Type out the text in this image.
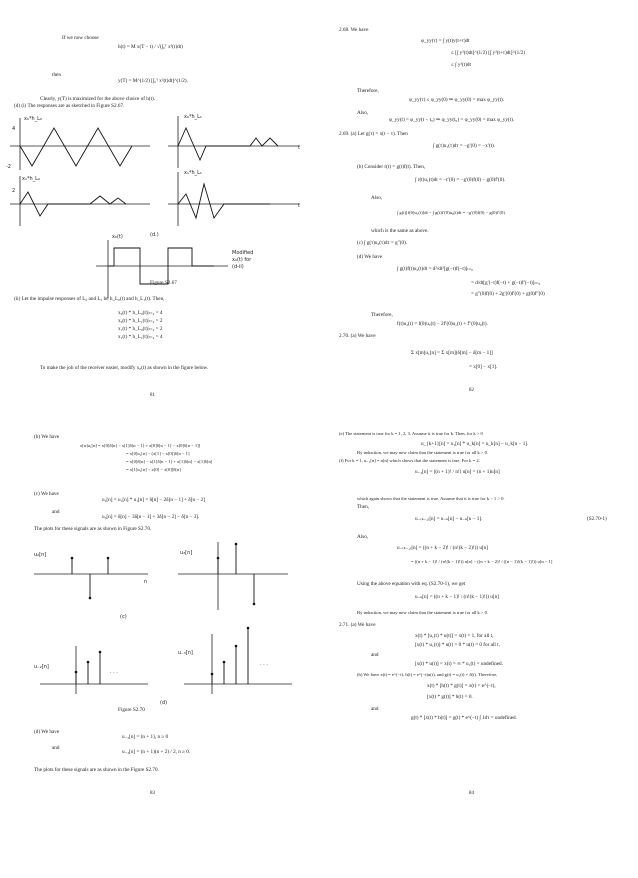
If we now choose
h(t) = M x(T − t) / √(∫₀ᵀ x²(t)dt)
then
y(T) = M^(1/2) [∫₀ᵀ x²(t)dt]^(1/2).
Clearly, y(T) is maximized for the above choice of h(t).
(d) (i) The responses are as sketched in Figure S2.67.
x₀*h_L₀
4
-2
x₀*h_L₁
t
x₁*h_L₀
2
x₁*h_L₁
t
x₀(t)	(d.)
Modified
x₀(t) for
(d-ii)
Figure S2.67
(ii) Let the impulse responses of L₀ and L₁ be h_L₀(t) and h_L₁(t). Then,
x₀(t) * h_L₀(t)|ₜ₌₄ = 4
x₀(t) * h_L₁(t)|ₜ₌₄ = 2
x₁(t) * h_L₀(t)|ₜ₌₄ = 2
x₁(t) * h_L₁(t)|ₜ₌₄ = 4
To make the job of the receiver easier, modify x₀(t) as shown in the figure below.
81
2.68. We have
φ_yy(τ) = ∫ y(t)y(t+τ)dt
≤ [∫ y²(t)dt]^(1/2) [∫ y²(t+τ)dt]^(1/2)
≤ ∫ y²(t)dt
Therefore,
φ_yy(τ) ≤ φ_yy(0) ⇒ φ_yy(0) = max φ_yy(t).
Also,
φ_yy(t) = φ_yy(t − t₀) ⇒ φ_yy(t₀) = φ_yy(0) = max φ_yy(t).
2.69. (a) Let g(τ) = x(t − τ). Then
∫ g(τ)u₁(τ)dτ = −g′(0) = −x′(t).
(b) Consider r(t) = g(t)f(t). Then,
∫ r(t)u₁(t)dt = −r′(0) = −g′(0)f(0) − g(0)f′(0).
Also,
∫ g(t)[f(0)u₁(t)]dt − ∫ g(t)f′(0)u₀(t)dt = −g′(0)f(0) − g(0)f′(0)
which is the same as above.
(c) ∫ g(τ)u₂(τ)dτ = g″(0).
(d) We have
∫ g(t)f(t)u₂(t)dt = d²/dt²[g(−t)f(−t)]ₜ₌₀
= d/dt[g′(−t)f(−t) + g(−t)f′(−t)]ₜ₌₀
= g″(0)f(0) + 2g′(0)f′(0) + g(0)f″(0)
Therefore,
f(t)u₂(t) = f(0)u₂(t) − 2f′(0)u₁(t) + f″(0)u₀(t).
2.70. (a) We have
Σ x[m]u₁[n] = Σ x[m](δ[m] − δ[m − 1]]
= x[0] − x[1].
82
(b) We have
x[n]u₁[n] = x[0]δ[n] − x[1]δ[n − 1] + x[0]δ[n − 1] − x[0]δ[n − 1]]
= x[0]u₁[n] − (x[1] − x[0])δ[n − 1]
= x[0]δ[n] − x[1]δ[n − 1] + x[1]δ[n] − x[1]δ[n]
= x[1]u₁[n] − x[0] − x[0]]δ[n]
(c) We have
u₂[n] = u₁[n] * u₁[n] = δ[n] − 2δ[n − 1] + δ[n − 2]
and
u₃[n] = δ[n] − 3δ[n − 1] + 3δ[n − 2] − δ[n − 3].
The plots for these signals are as shown in Figure S2.70.
u₂[n]
n
u₃[n]
(c)
· · ·
u₋₂[n]	· · ·
u₋₃[n]
(d)
Figure S2.70
(d) We have
u₋₂[n] = (n + 1), n ≥ 0
and
u₋₃[n] = (n + 1)(n + 2) / 2, n ≥ 0.
The plots for these signals are as shown in the Figure S2.70.
83
(e) The statement is true for k = 1, 2, 3. Assume it is true for k. Then, for k > 0
u_{k+1}[n] = u₁[n] * u_k[n] = u_k[n] − u_k[n − 1].
By induction, we may now claim that the statement is true for all k > 0.
(f) For k = 1, u₋₁[n] = u[n] which shows that the statement is true. For k = 2,
u₋₂[n] = ((n + 1)! / n!) u[n] = (n + 1)u[n]
which again shows that the statement is true. Assume that it is true for k − 1 > 0.
Then,
u₋₍ₖ₋₁₎[n] = u₋ₖ[n] − u₋ₖ[n − 1].	(S2.70-1)
Also,
u₋₍ₖ₋₁₎[n] = ((n + k − 2)! / (n!(k − 2)!)) u[n]
= ((n + k − 1)! / (n!(k − 1)!)) u[n] − ((n + k − 2)! / ((n − 1)!(k − 1)!)) u[n − 1]
Using the above equation with eq. (S2.70-1), we get
u₋ₖ[n] = ((n + k − 1)! / (n!(k − 1)!)) u[n]
By induction, we may now claim that the statement is true for all k > 0.
2.71. (a) We have
x(t) * [u₁(t) * u(t)] = x(t) = 1, for all t,
[x(t) * u₁(t)] * u(t) = 0 * u(t) = 0 for all t.
and
[x(t) * u(t)] = x(t) = ∞ * u₁(t) = undefined.
(b) We have x(t) = e^(−t), h(t) = e^(−t)u(t), and g(t) = u₁(t) + δ(t). Therefore,
x(t) * [h(t) * g(t)] = x(t) = e^(−t),
[x(t) * g(t)] * h(t) = 0.
and
g(t) * [x(t) * h(t)] = g(t) * e^(−t) ∫ 1dτ = undefined.
84
